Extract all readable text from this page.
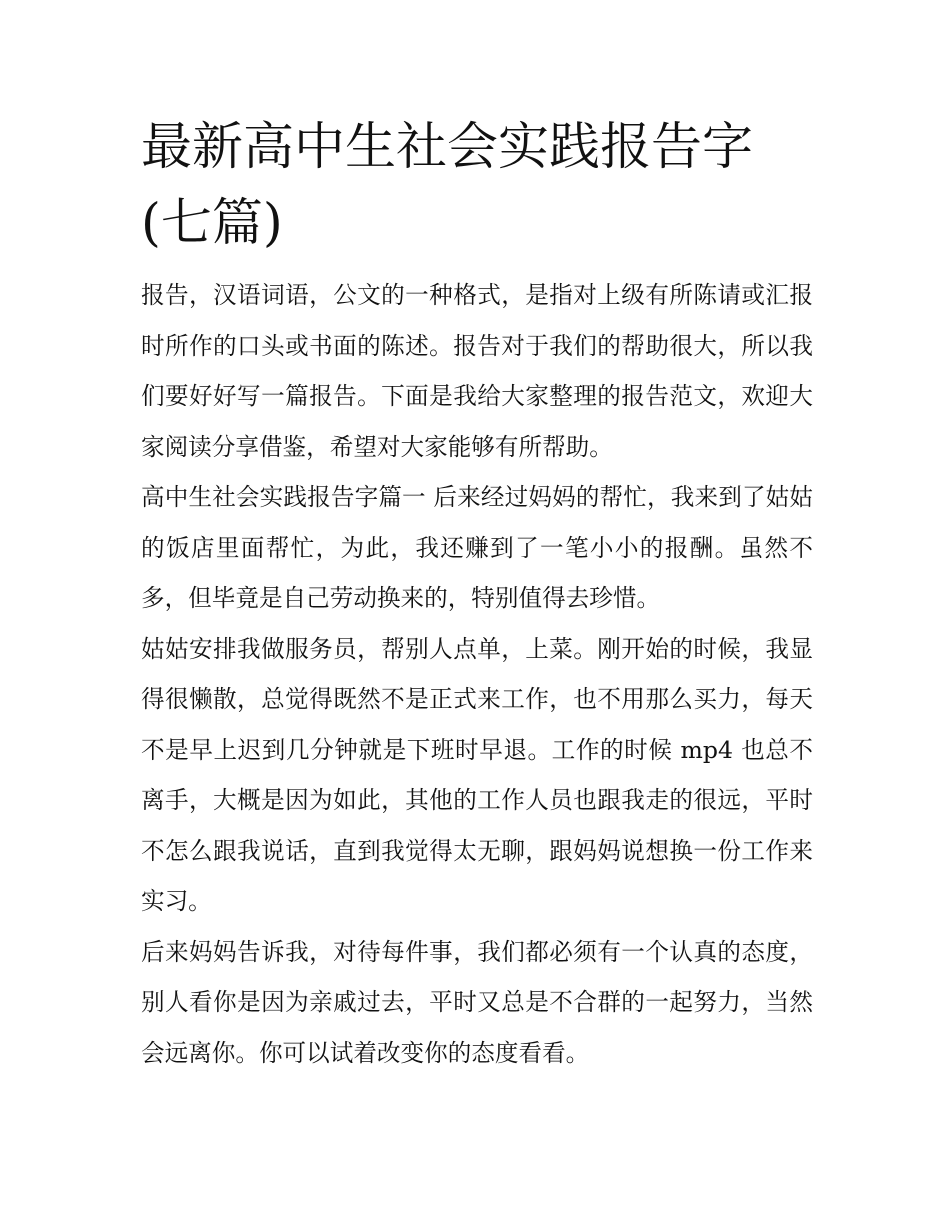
最新高中生社会实践报告字(七篇)

报告，汉语词语，公文的一种格式，是指对上级有所陈请或汇报时所作的口头或书面的陈述。报告对于我们的帮助很大，所以我们要好好写一篇报告。下面是我给大家整理的报告范文，欢迎大家阅读分享借鉴，希望对大家能够有所帮助。

高中生社会实践报告字篇一 后来经过妈妈的帮忙，我来到了姑姑的饭店里面帮忙，为此，我还赚到了一笔小小的报酬。虽然不多，但毕竟是自己劳动换来的，特别值得去珍惜。

姑姑安排我做服务员，帮别人点单，上菜。刚开始的时候，我显得很懒散，总觉得既然不是正式来工作，也不用那么买力，每天不是早上迟到几分钟就是下班时早退。工作的时候 mp4 也总不离手，大概是因为如此，其他的工作人员也跟我走的很远，平时不怎么跟我说话，直到我觉得太无聊，跟妈妈说想换一份工作来实习。

后来妈妈告诉我，对待每件事，我们都必须有一个认真的态度，别人看你是因为亲戚过去，平时又总是不合群的一起努力，当然会远离你。你可以试着改变你的态度看看。
